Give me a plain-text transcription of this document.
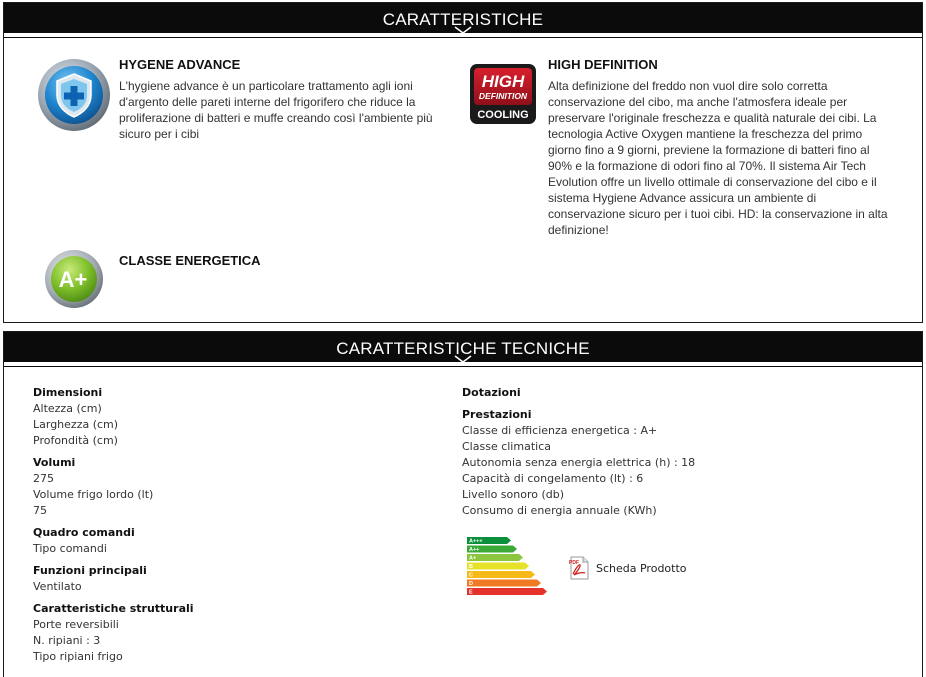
CARATTERISTICHE
HYGENE ADVANCE

L'hygiene advance è un particolare trattamento agli ioni d'argento delle pareti interne del frigorifero che riduce la proliferazione di batteri e muffe creando così l'ambiente più sicuro per i cibi

HIGH
DEFINITION
COOLING
HIGH DEFINITION

Alta definizione del freddo non vuol dire solo corretta conservazione del cibo, ma anche l'atmosfera ideale per preservare l'originale freschezza e qualità naturale dei cibi. La tecnologia Active Oxygen mantiene la freschezza del primo giorno fino a 9 giorni, previene la formazione di batteri fino al 90% e la formazione di odori fino al 70%. Il sistema Air Tech Evolution offre un livello ottimale di conservazione del cibo e il sistema Hygiene Advance assicura un ambiente di conservazione sicuro per i tuoi cibi. HD: la conservazione in alta definizione!

A+
CLASSE ENERGETICA
CARATTERISTICHE TECNICHE
Dimensioni
Altezza (cm)
Larghezza (cm)
Profondità (cm)
Volumi
275
Volume frigo lordo (lt)
75
Quadro comandi
Tipo comandi
Funzioni principali
Ventilato
Caratteristiche strutturali
Porte reversibili
N. ripiani : 3
Tipo ripiani frigo
Dotazioni
Prestazioni
Classe di efficienza energetica : A+
Classe climatica
Autonomia senza energia elettrica (h) : 18
Capacità di congelamento (lt) : 6
Livello sonoro (db)
Consumo di energia annuale (KWh)
A+++
A++
A+
B
C
D
E
PDF Scheda Prodotto
